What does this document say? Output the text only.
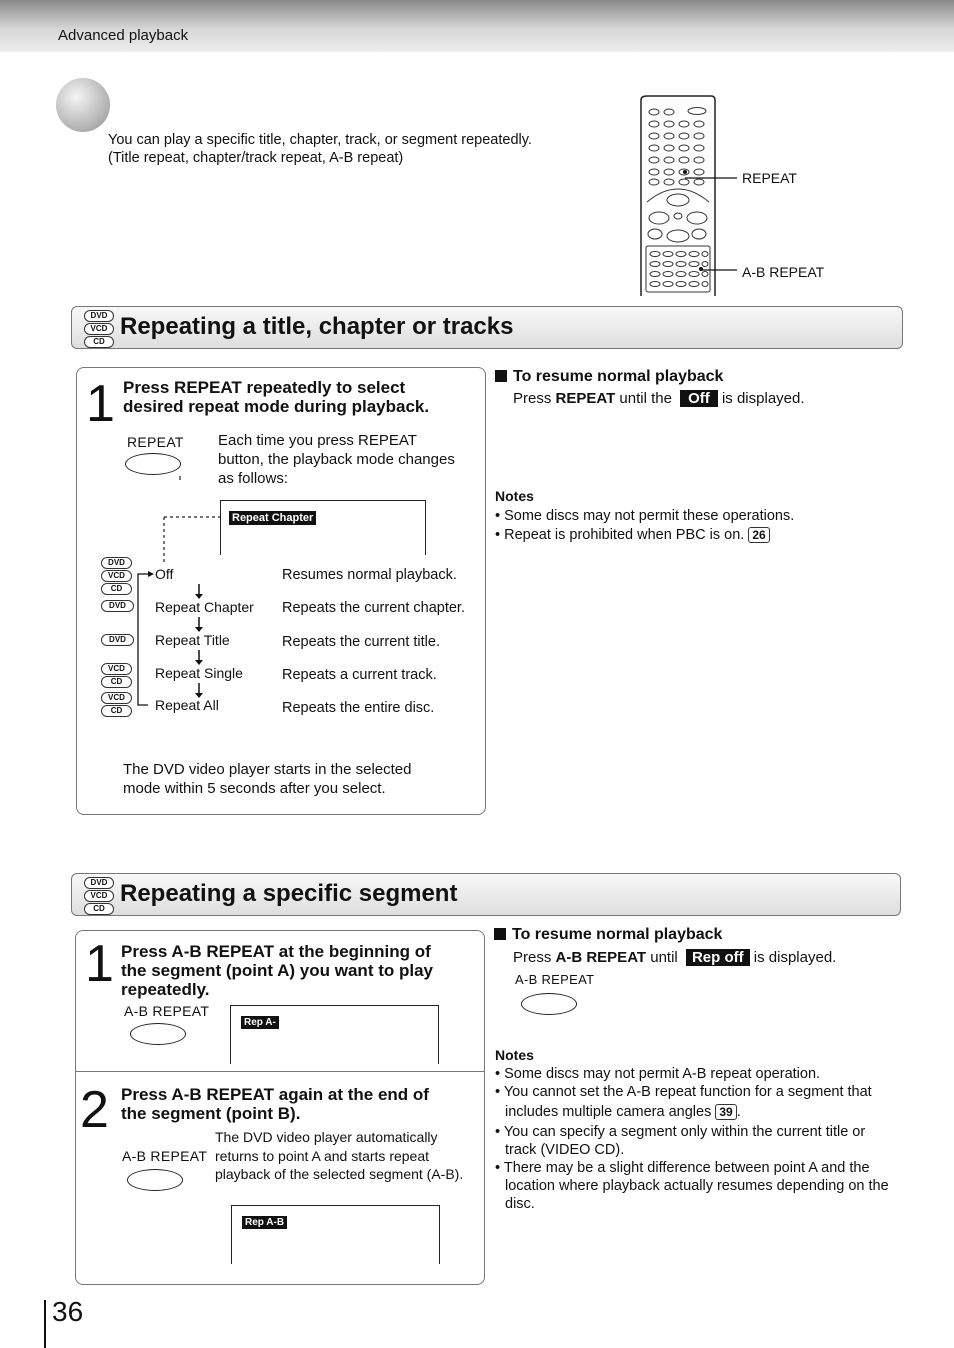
Advanced playback
You can play a specific title, chapter, track, or segment repeatedly.
(Title repeat, chapter/track repeat, A-B repeat)
REPEAT
A-B REPEAT
DVD
VCD
CD
Repeating a title, chapter or tracks
1 Press REPEAT repeatedly to select
desired repeat mode during playback.
REPEAT Each time you press REPEAT
button, the playback mode changes
as follows:
Repeat Chapter
DVD
VCD
CD
DVD
DVD
VCD
CD
VCD
CD
Off
Repeat Chapter
Repeat Title
Repeat Single
Repeat All
Resumes normal playback.
Repeats the current chapter.
Repeats the current title.
Repeats a current track.
Repeats the entire disc.
The DVD video player starts in the selected
mode within 5 seconds after you select.
To resume normal playback
Press REPEAT until the Off is displayed.
Notes
• Some discs may not permit these operations.
• Repeat is prohibited when PBC is on. 26
DVD
VCD
CD
Repeating a specific segment
1 Press A-B REPEAT at the beginning of
the segment (point A) you want to play
repeatedly.
A-B REPEAT
Rep A-
2 Press A-B REPEAT again at the end of
the segment (point B).
A-B REPEAT
The DVD video player automatically
returns to point A and starts repeat
playback of the selected segment (A-B).
Rep A-B
To resume normal playback
Press A-B REPEAT until Rep off is displayed.
A-B REPEAT
Notes
• Some discs may not permit A-B repeat operation.
• You cannot set the A-B repeat function for a segment that
includes multiple camera angles 39 .
• You can specify a segment only within the current title or
track (VIDEO CD).
• There may be a slight difference between point A and the
location where playback actually resumes depending on the
disc.
36
